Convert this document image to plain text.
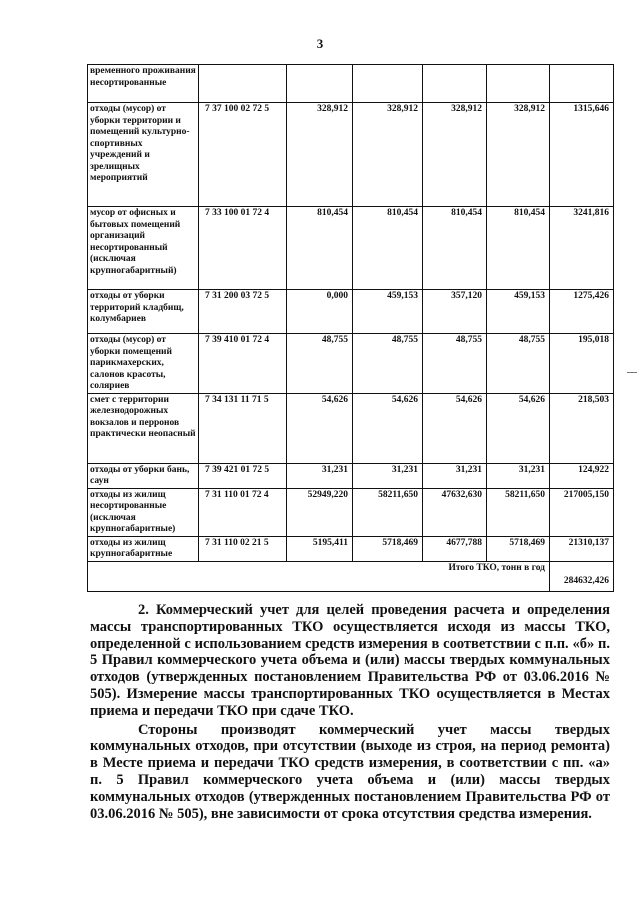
3
временного проживания несортированные						
отходы (мусор) от уборки территории и помещений культурно-спортивных учреждений и зрелищных мероприятий	7 37 100 02 72 5	328,912	328,912	328,912	328,912	1315,646
мусор от офисных и бытовых помещений организаций несортированный (исключая крупногабаритный)	7 33 100 01 72 4	810,454	810,454	810,454	810,454	3241,816
отходы от уборки территорий кладбищ, колумбариев	7 31 200 03 72 5	0,000	459,153	357,120	459,153	1275,426
отходы (мусор) от уборки помещений парикмахерских, салонов красоты, соляриев	7 39 410 01 72 4	48,755	48,755	48,755	48,755	195,018
смет с территории железнодорожных вокзалов и перронов практически неопасный	7 34 131 11 71 5	54,626	54,626	54,626	54,626	218,503
отходы от уборки бань, саун	7 39 421 01 72 5	31,231	31,231	31,231	31,231	124,922
отходы из жилищ несортированные (исключая крупногабаритные)	7 31 110 01 72 4	52949,220	58211,650	47632,630	58211,650	217005,150
отходы из жилищ крупногабаритные	7 31 110 02 21 5	5195,411	5718,469	4677,788	5718,469	21310,137
Итого ТКО, тонн в год						284632,426

2. Коммерческий учет для целей проведения расчета и определения массы транспортированных ТКО осуществляется исходя из массы ТКО, определенной с использованием средств измерения в соответствии с п.п. «б» п. 5 Правил коммерческого учета объема и (или) массы твердых коммунальных отходов (утвержденных постановлением Правительства РФ от 03.06.2016 № 505). Измерение массы транспортированных ТКО осуществляется в Местах приема и передачи ТКО при сдаче ТКО.

Стороны производят коммерческий учет массы твердых коммунальных отходов, при отсутствии (выходе из строя, на период ремонта) в Месте приема и передачи ТКО средств измерения, в соответствии с пп. «а» п. 5 Правил коммерческого учета объема и (или) массы твердых коммунальных отходов (утвержденных постановлением Правительства РФ от 03.06.2016 № 505), вне зависимости от срока отсутствия средства измерения.
